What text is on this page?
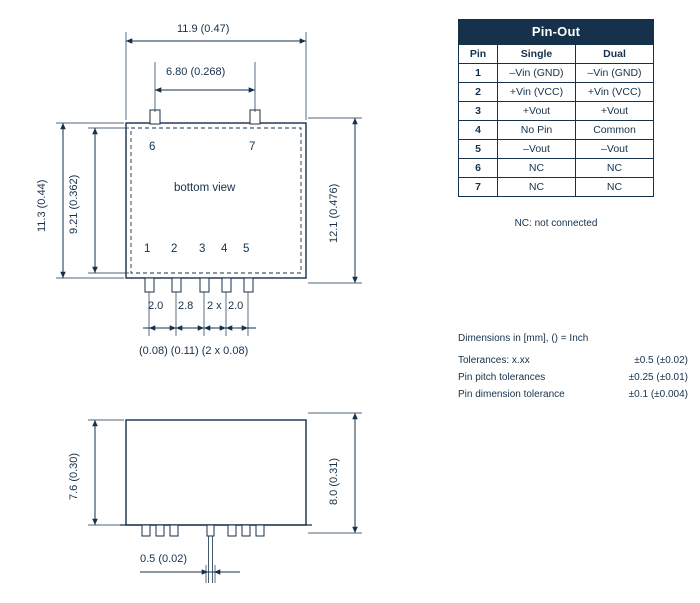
11.9 (0.47)
6.80 (0.268)
11.3 (0.44) 9.21 (0.362)	12.1 (0.476)
6	7
bottom view
1 2 3 4 5
2.0 2.8 2 x 2.0
(0.08) (0.11) (2 x 0.08)
7.6 (0.30)	8.0 (0.31)
0.5 (0.02)
Pin-Out		
Pin	Single	Dual
1	–Vin (GND)	–Vin (GND)
2	+Vin (VCC)	+Vin (VCC)
3	+Vout	+Vout
4	No Pin	Common
5	–Vout	–Vout
6	NC	NC
7	NC	NC
NC: not connected
Dimensions in [mm], () = Inch
Tolerances: x.xx	±0.5 (±0.02)
Pin pitch tolerances	±0.25 (±0.01)
Pin dimension tolerance	±0.1 (±0.004)
